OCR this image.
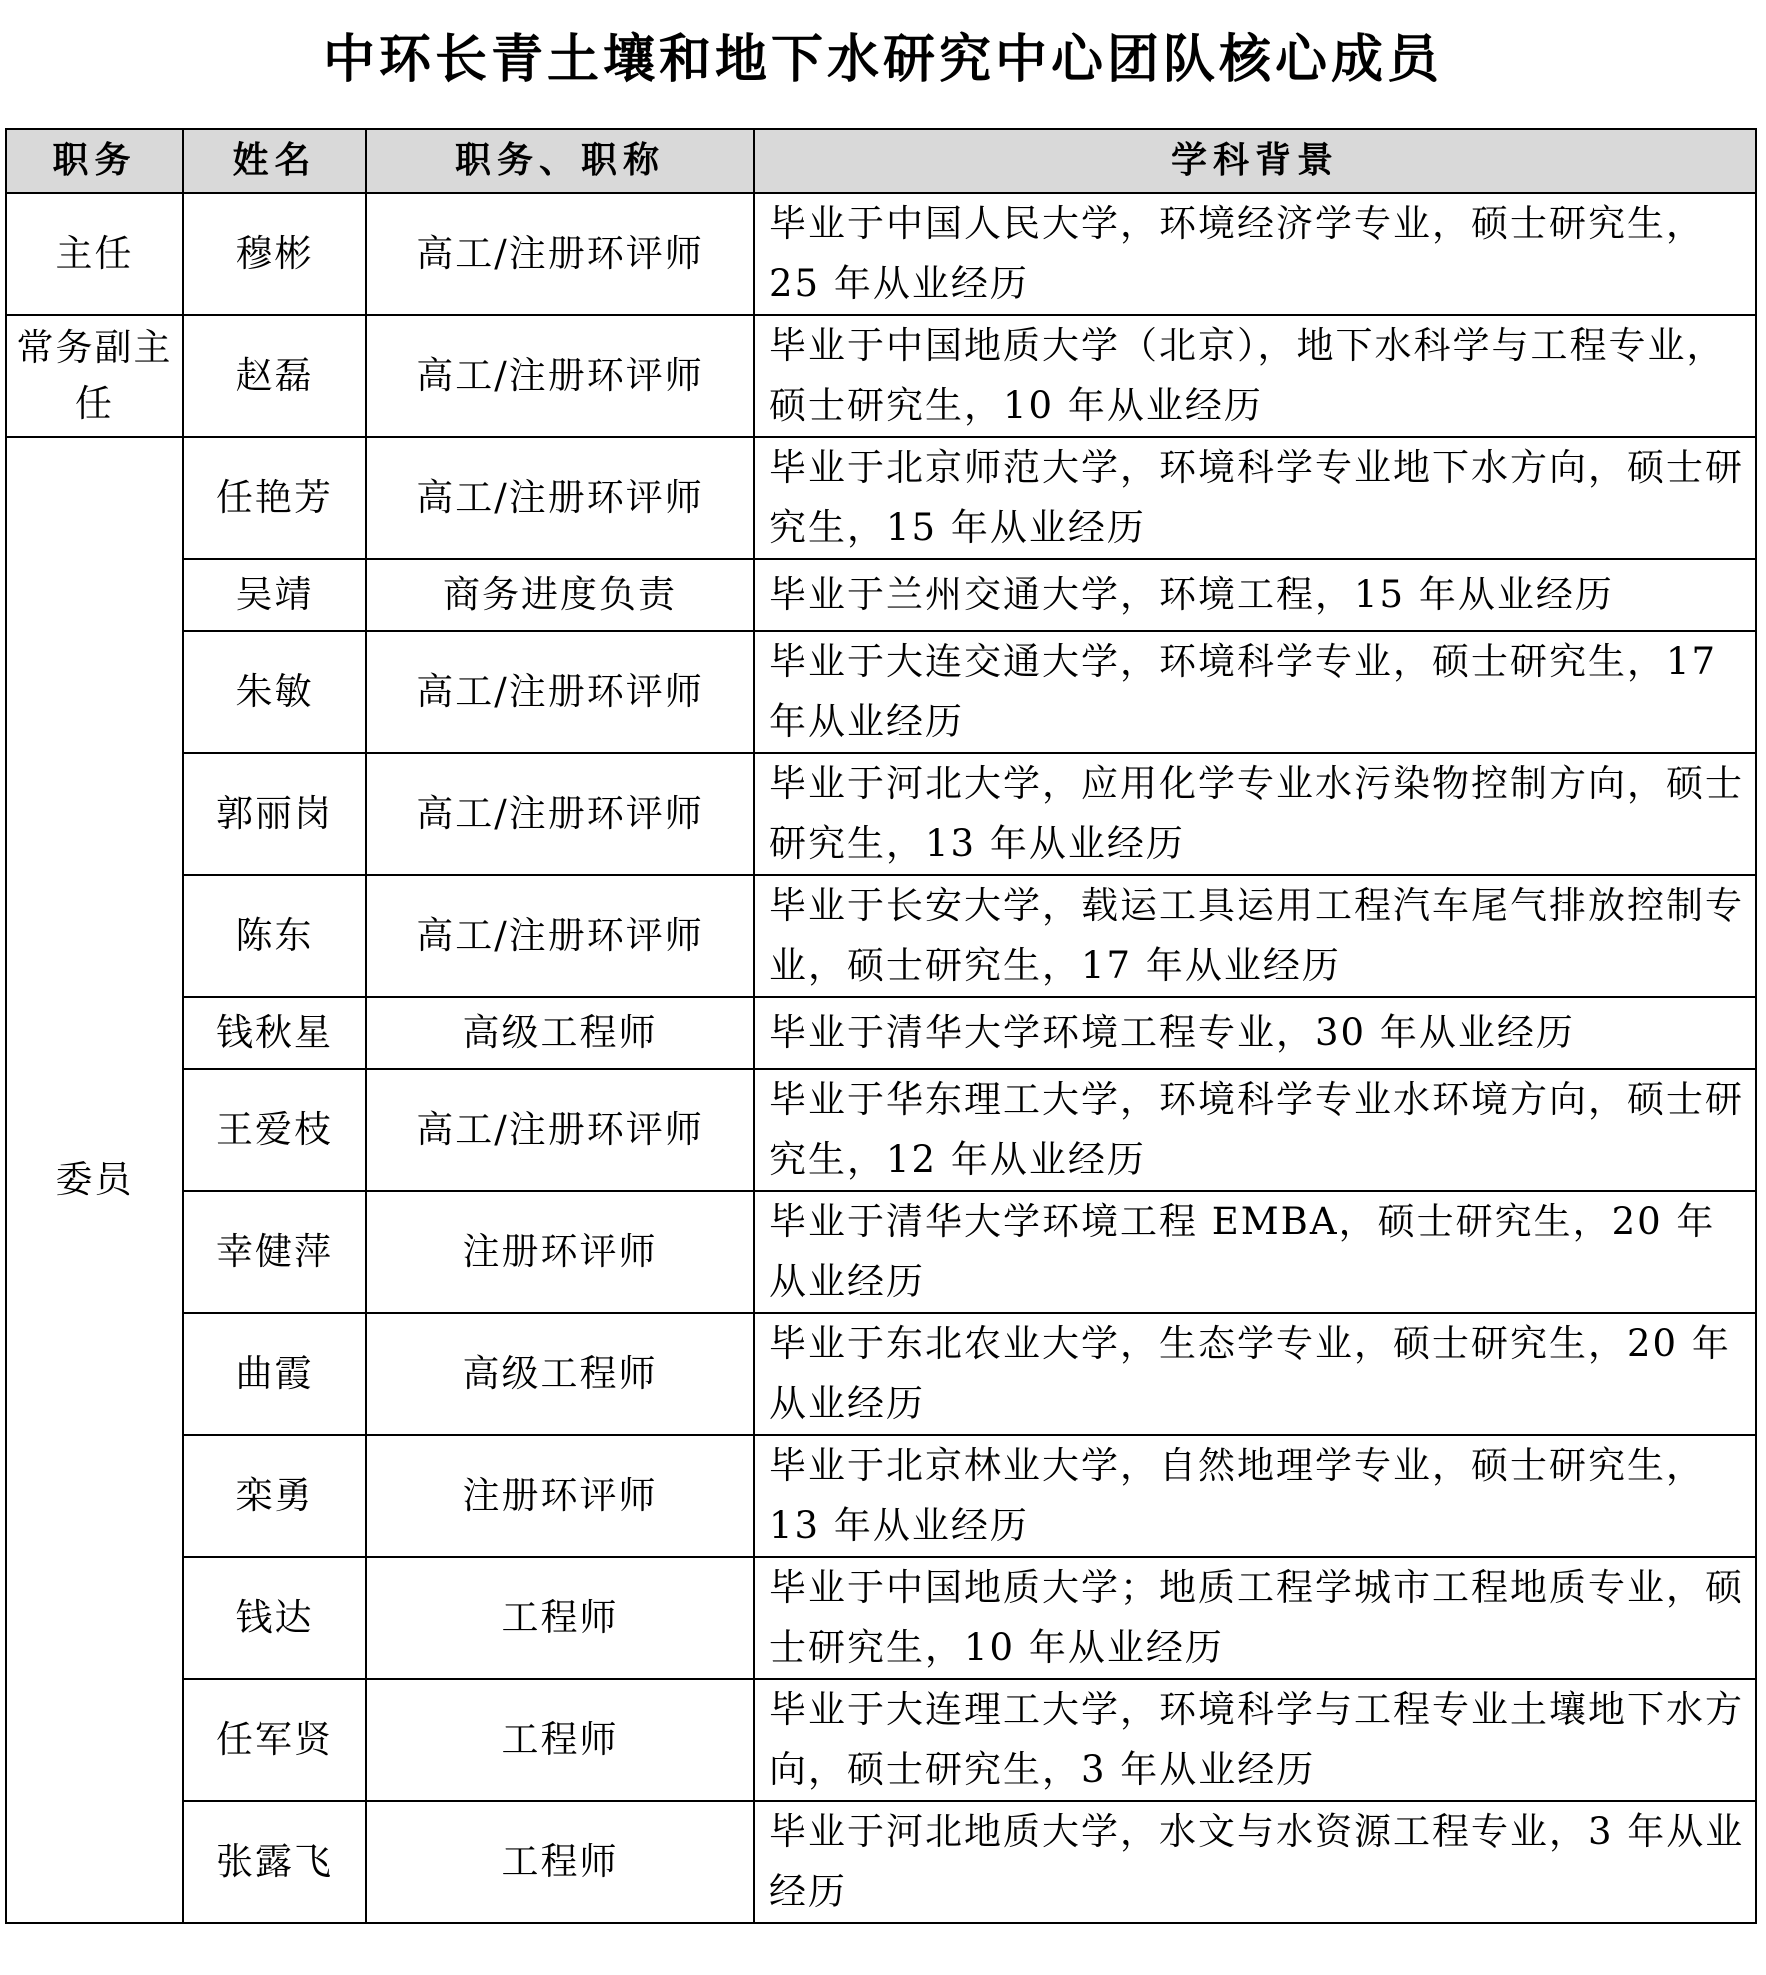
中环长青土壤和地下水研究中心团队核心成员
职务	姓名	职务、职称	学科背景
主任	穆彬	高工/注册环评师	毕业于中国人民大学，环境经济学专业，硕士研究生，25 年从业经历
常务副主任	赵磊	高工/注册环评师	毕业于中国地质大学（北京），地下水科学与工程专业，硕士研究生，10 年从业经历
委员	任艳芳	高工/注册环评师	毕业于北京师范大学，环境科学专业地下水方向，硕士研究生，15 年从业经历
	吴靖	商务进度负责	毕业于兰州交通大学，环境工程，15 年从业经历
	朱敏	高工/注册环评师	毕业于大连交通大学，环境科学专业，硕士研究生，17 年从业经历
	郭丽岗	高工/注册环评师	毕业于河北大学，应用化学专业水污染物控制方向，硕士研究生，13 年从业经历
	陈东	高工/注册环评师	毕业于长安大学，载运工具运用工程汽车尾气排放控制专业，硕士研究生，17 年从业经历
	钱秋星	高级工程师	毕业于清华大学环境工程专业，30 年从业经历
	王爱枝	高工/注册环评师	毕业于华东理工大学，环境科学专业水环境方向，硕士研究生，12 年从业经历
	幸健萍	注册环评师	毕业于清华大学环境工程 EMBA，硕士研究生，20 年从业经历
	曲霞	高级工程师	毕业于东北农业大学，生态学专业，硕士研究生，20 年从业经历
	栾勇	注册环评师	毕业于北京林业大学，自然地理学专业，硕士研究生，13 年从业经历
	钱达	工程师	毕业于中国地质大学；地质工程学城市工程地质专业，硕士研究生，10 年从业经历
	任军贤	工程师	毕业于大连理工大学，环境科学与工程专业土壤地下水方向，硕士研究生，3 年从业经历
	张露飞	工程师	毕业于河北地质大学，水文与水资源工程专业，3 年从业经历
